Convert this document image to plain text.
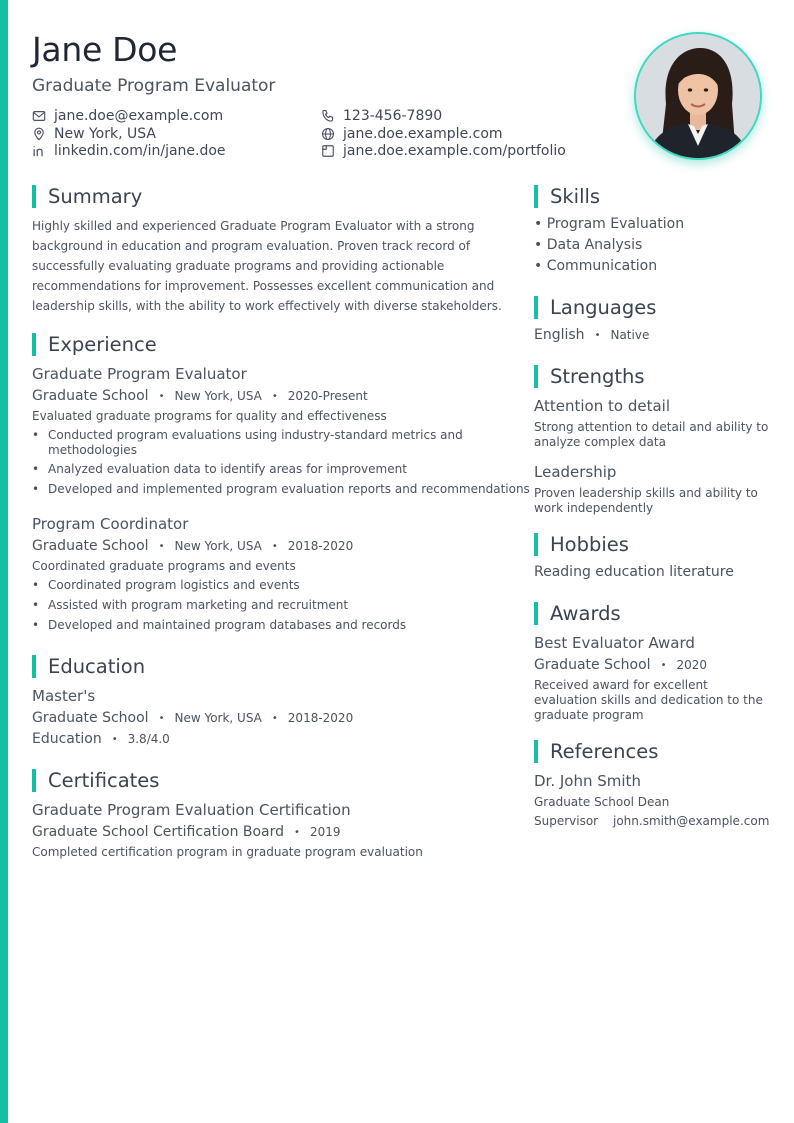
Jane Doe
Graduate Program Evaluator
jane.doe@example.com	123-456-7890
New York, USA	jane.doe.example.com
linkedin.com/in/jane.doe	jane.doe.example.com/portfolio
Summary
Highly skilled and experienced Graduate Program Evaluator with a strong background in education and program evaluation. Proven track record of successfully evaluating graduate programs and providing actionable recommendations for improvement. Possesses excellent communication and leadership skills, with the ability to work effectively with diverse stakeholders.
Experience
Graduate Program Evaluator
Graduate School • New York, USA • 2020-Present
Evaluated graduate programs for quality and effectiveness
• Conducted program evaluations using industry-standard metrics and methodologies
• Analyzed evaluation data to identify areas for improvement
• Developed and implemented program evaluation reports and recommendations
Program Coordinator
Graduate School • New York, USA • 2018-2020
Coordinated graduate programs and events
• Coordinated program logistics and events
• Assisted with program marketing and recruitment
• Developed and maintained program databases and records
Education
Master's
Graduate School • New York, USA • 2018-2020
Education • 3.8/4.0
Certificates
Graduate Program Evaluation Certification
Graduate School Certification Board • 2019
Completed certification program in graduate program evaluation
Skills
• Program Evaluation
• Data Analysis
• Communication
Languages
English • Native
Strengths
Attention to detail
Strong attention to detail and ability to analyze complex data
Leadership
Proven leadership skills and ability to work independently
Hobbies
Reading education literature
Awards
Best Evaluator Award
Graduate School • 2020
Received award for excellent evaluation skills and dedication to the graduate program
References
Dr. John Smith
Graduate School Dean
Supervisor john.smith@example.com
